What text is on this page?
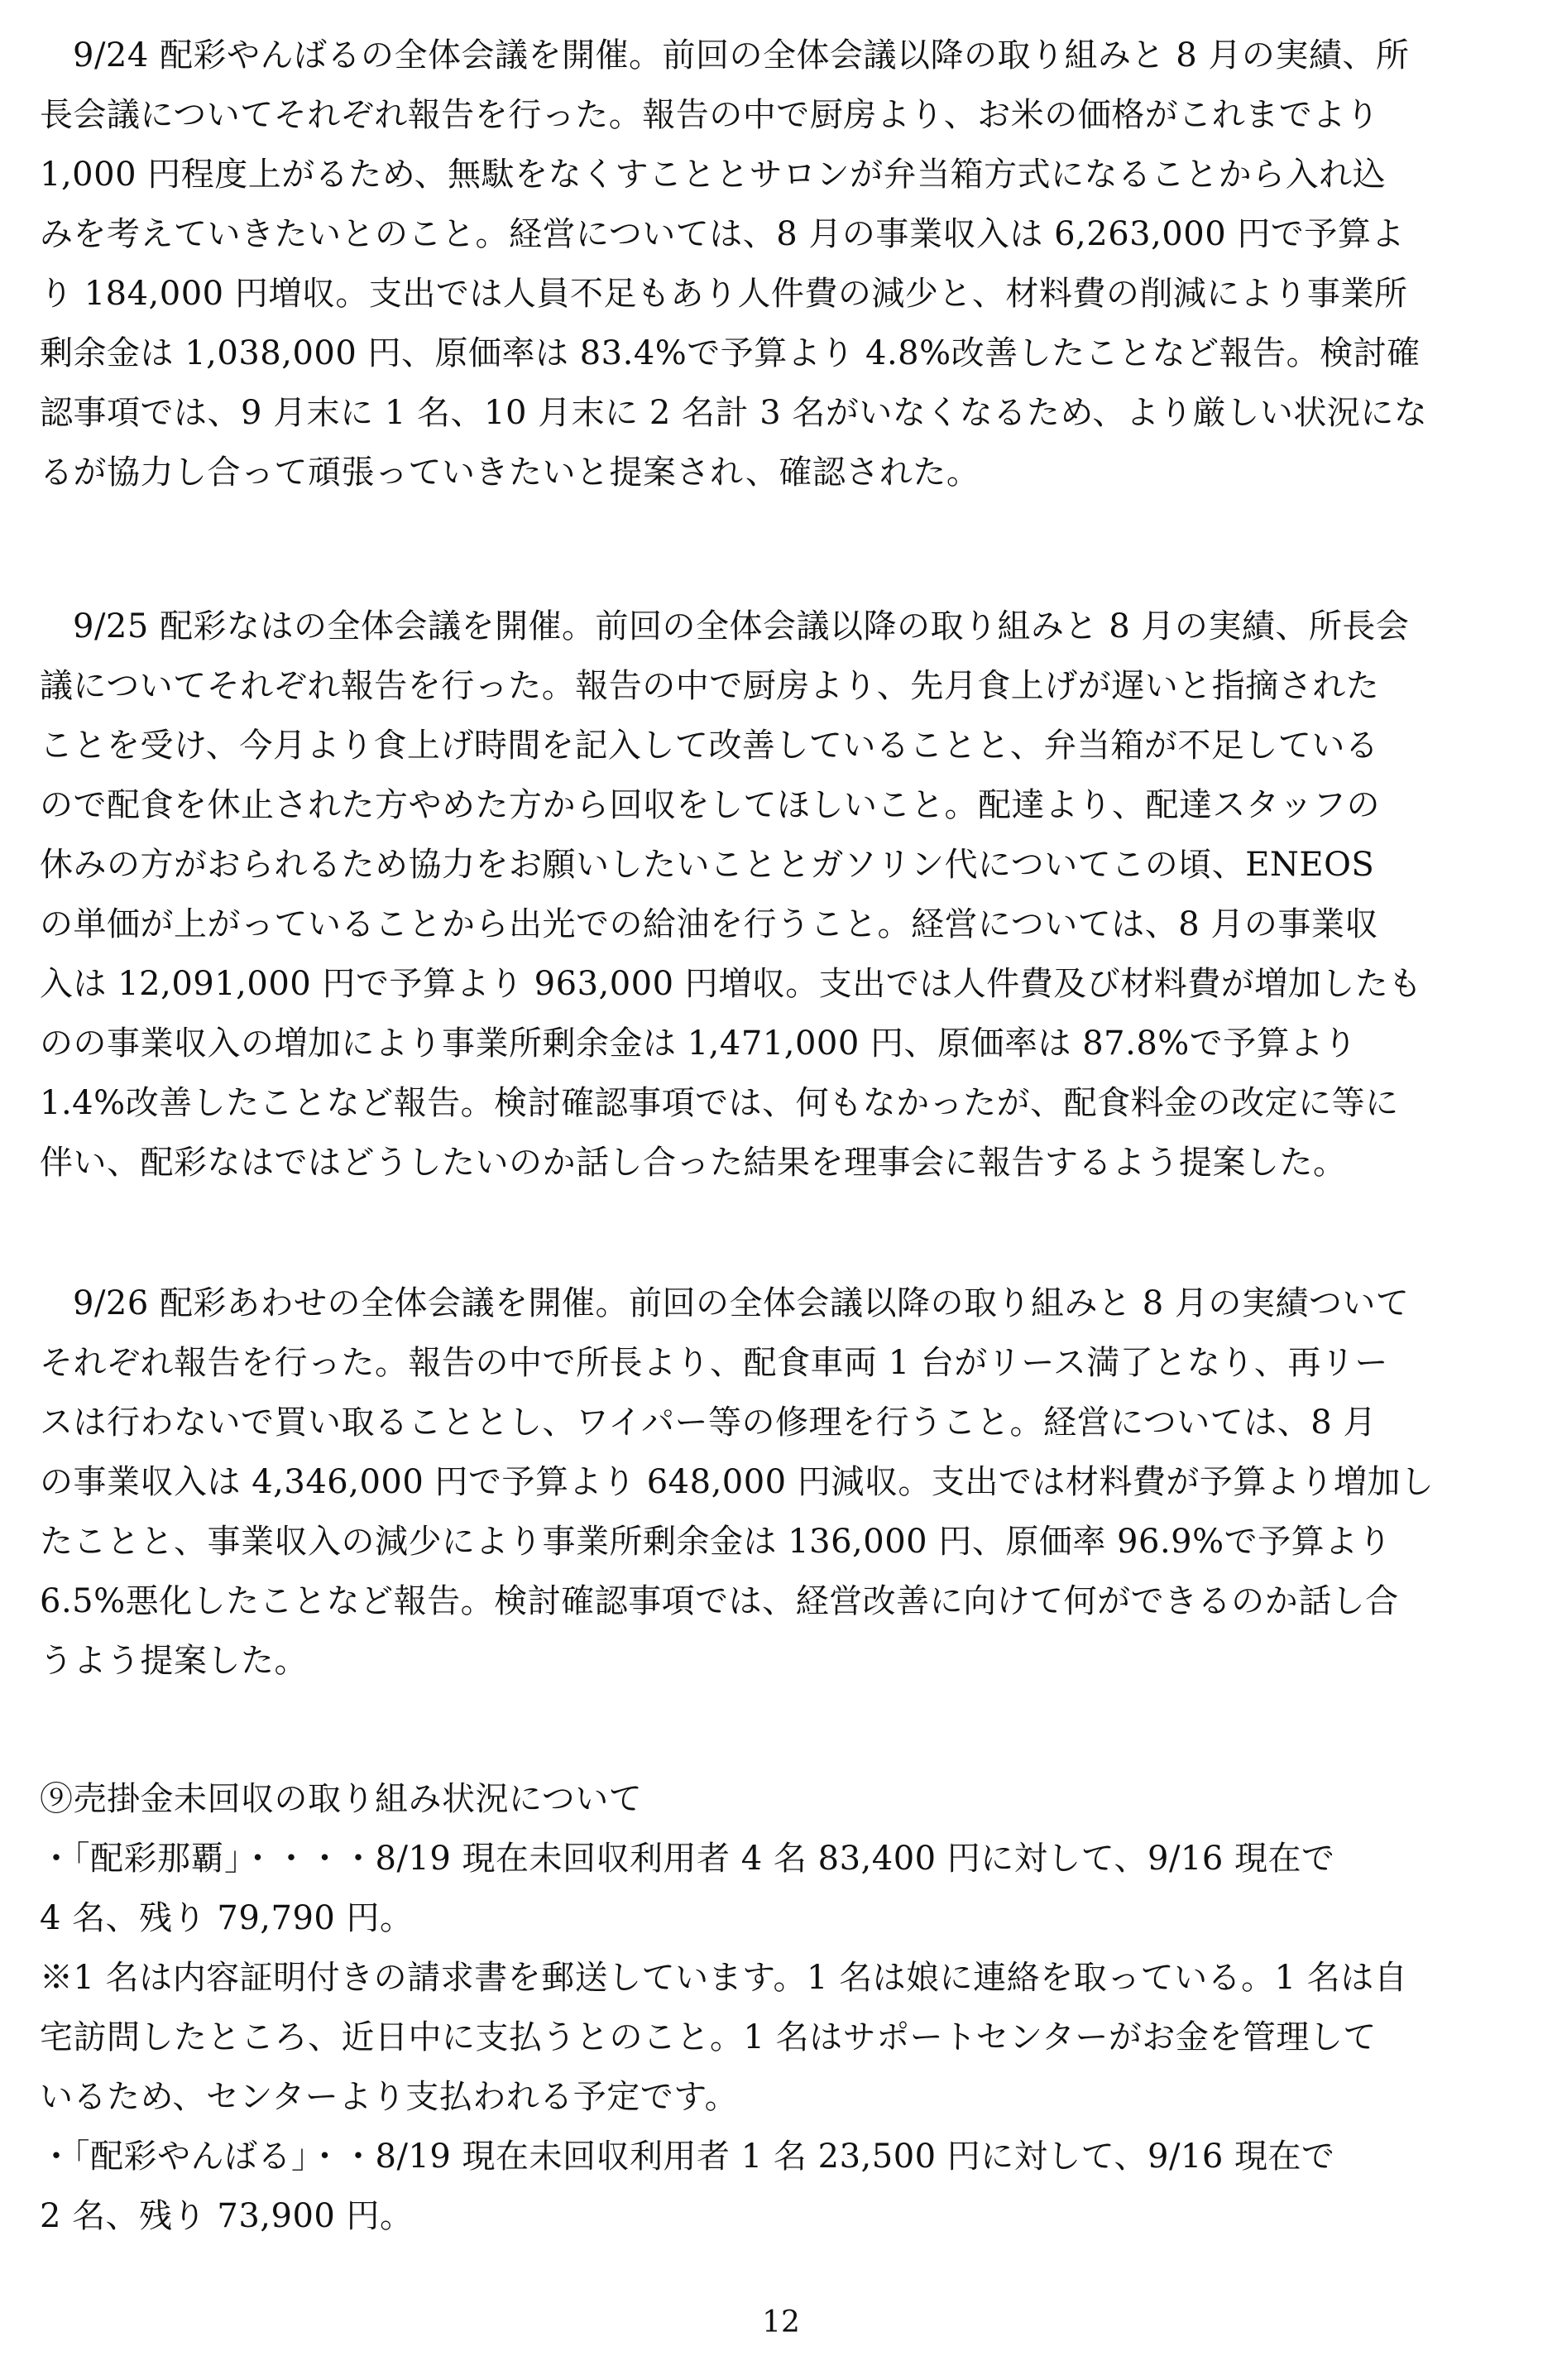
9/24 配彩やんばるの全体会議を開催。前回の全体会議以降の取り組みと 8 月の実績、所
長会議についてそれぞれ報告を行った。報告の中で厨房より、お米の価格がこれまでより
1,000 円程度上がるため、無駄をなくすこととサロンが弁当箱方式になることから入れ込
みを考えていきたいとのこと。経営については、8 月の事業収入は 6,263,000 円で予算よ
り 184,000 円増収。支出では人員不足もあり人件費の減少と、材料費の削減により事業所
剰余金は 1,038,000 円、原価率は 83.4%で予算より 4.8%改善したことなど報告。検討確
認事項では、9 月末に 1 名、10 月末に 2 名計 3 名がいなくなるため、より厳しい状況にな
るが協力し合って頑張っていきたいと提案され、確認された。
9/25 配彩なはの全体会議を開催。前回の全体会議以降の取り組みと 8 月の実績、所長会
議についてそれぞれ報告を行った。報告の中で厨房より、先月食上げが遅いと指摘された
ことを受け、今月より食上げ時間を記入して改善していることと、弁当箱が不足している
ので配食を休止された方やめた方から回収をしてほしいこと。配達より、配達スタッフの
休みの方がおられるため協力をお願いしたいこととガソリン代についてこの頃、ENEOS
の単価が上がっていることから出光での給油を行うこと。経営については、8 月の事業収
入は 12,091,000 円で予算より 963,000 円増収。支出では人件費及び材料費が増加したも
のの事業収入の増加により事業所剰余金は 1,471,000 円、原価率は 87.8%で予算より
1.4%改善したことなど報告。検討確認事項では、何もなかったが、配食料金の改定に等に
伴い、配彩なはではどうしたいのか話し合った結果を理事会に報告するよう提案した。
9/26 配彩あわせの全体会議を開催。前回の全体会議以降の取り組みと 8 月の実績ついて
それぞれ報告を行った。報告の中で所長より、配食車両 1 台がリース満了となり、再リー
スは行わないで買い取ることとし、ワイパー等の修理を行うこと。経営については、8 月
の事業収入は 4,346,000 円で予算より 648,000 円減収。支出では材料費が予算より増加し
たことと、事業収入の減少により事業所剰余金は 136,000 円、原価率 96.9%で予算より
6.5%悪化したことなど報告。検討確認事項では、経営改善に向けて何ができるのか話し合
うよう提案した。
⑨売掛金未回収の取り組み状況について
・「配彩那覇」・・・・8/19 現在未回収利用者 4 名 83,400 円に対して、9/16 現在で
4 名、残り 79,790 円。
※1 名は内容証明付きの請求書を郵送しています。1 名は娘に連絡を取っている。1 名は自
宅訪問したところ、近日中に支払うとのこと。1 名はサポートセンターがお金を管理して
いるため、センターより支払われる予定です。
・「配彩やんばる」・・8/19 現在未回収利用者 1 名 23,500 円に対して、9/16 現在で
2 名、残り 73,900 円。
12
